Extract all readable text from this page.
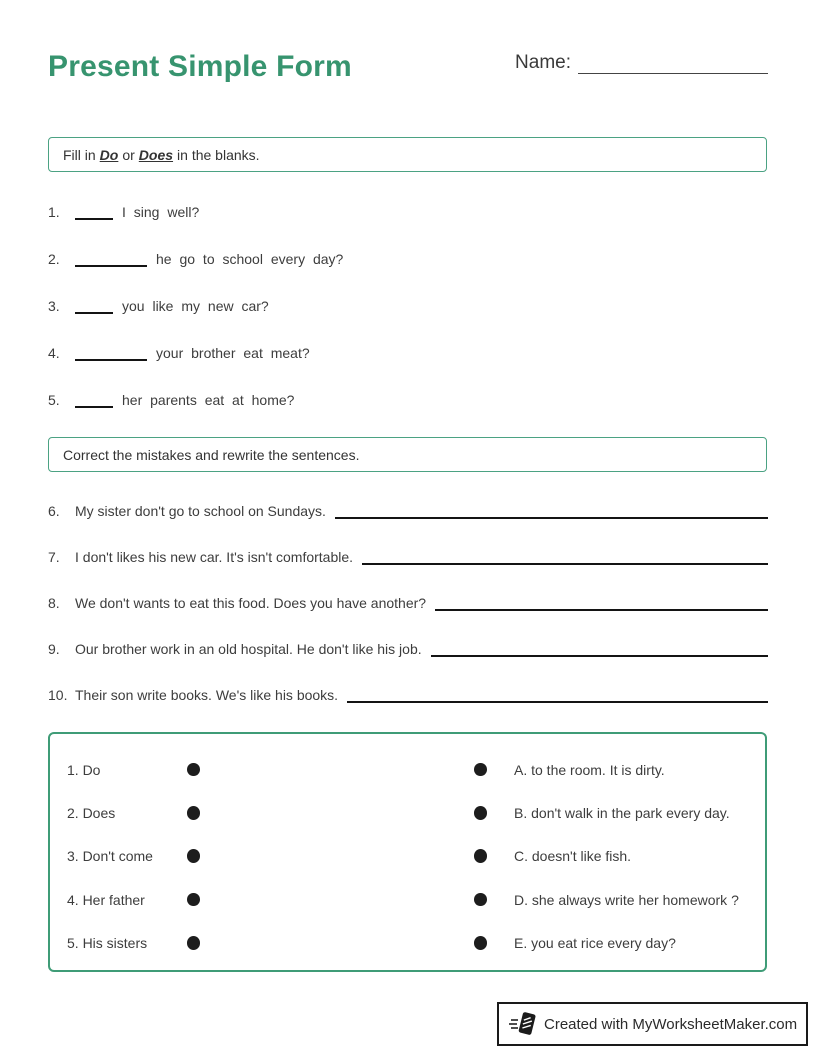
Present Simple Form	Name:
Fill in Do or Does in the blanks.
1.	I sing well?
2.	he go to school every day?
3.	you like my new car?
4.	your brother eat meat?
5.	her parents eat at home?
Correct the mistakes and rewrite the sentences.
6.	My sister don't go to school on Sundays.
7.	I don't likes his new car. It's isn't comfortable.
8.	We don't wants to eat this food. Does you have another?
9.	Our brother work in an old hospital. He don't like his job.
10. Their son write books. We's like his books.
1. Do	A. to the room. It is dirty.
2. Does	B. don't walk in the park every day.
3. Don't come	C. doesn't like fish.
4. Her father	D. she always write her homework ?
5. His sisters	E. you eat rice every day?
Created with MyWorksheetMaker.com
